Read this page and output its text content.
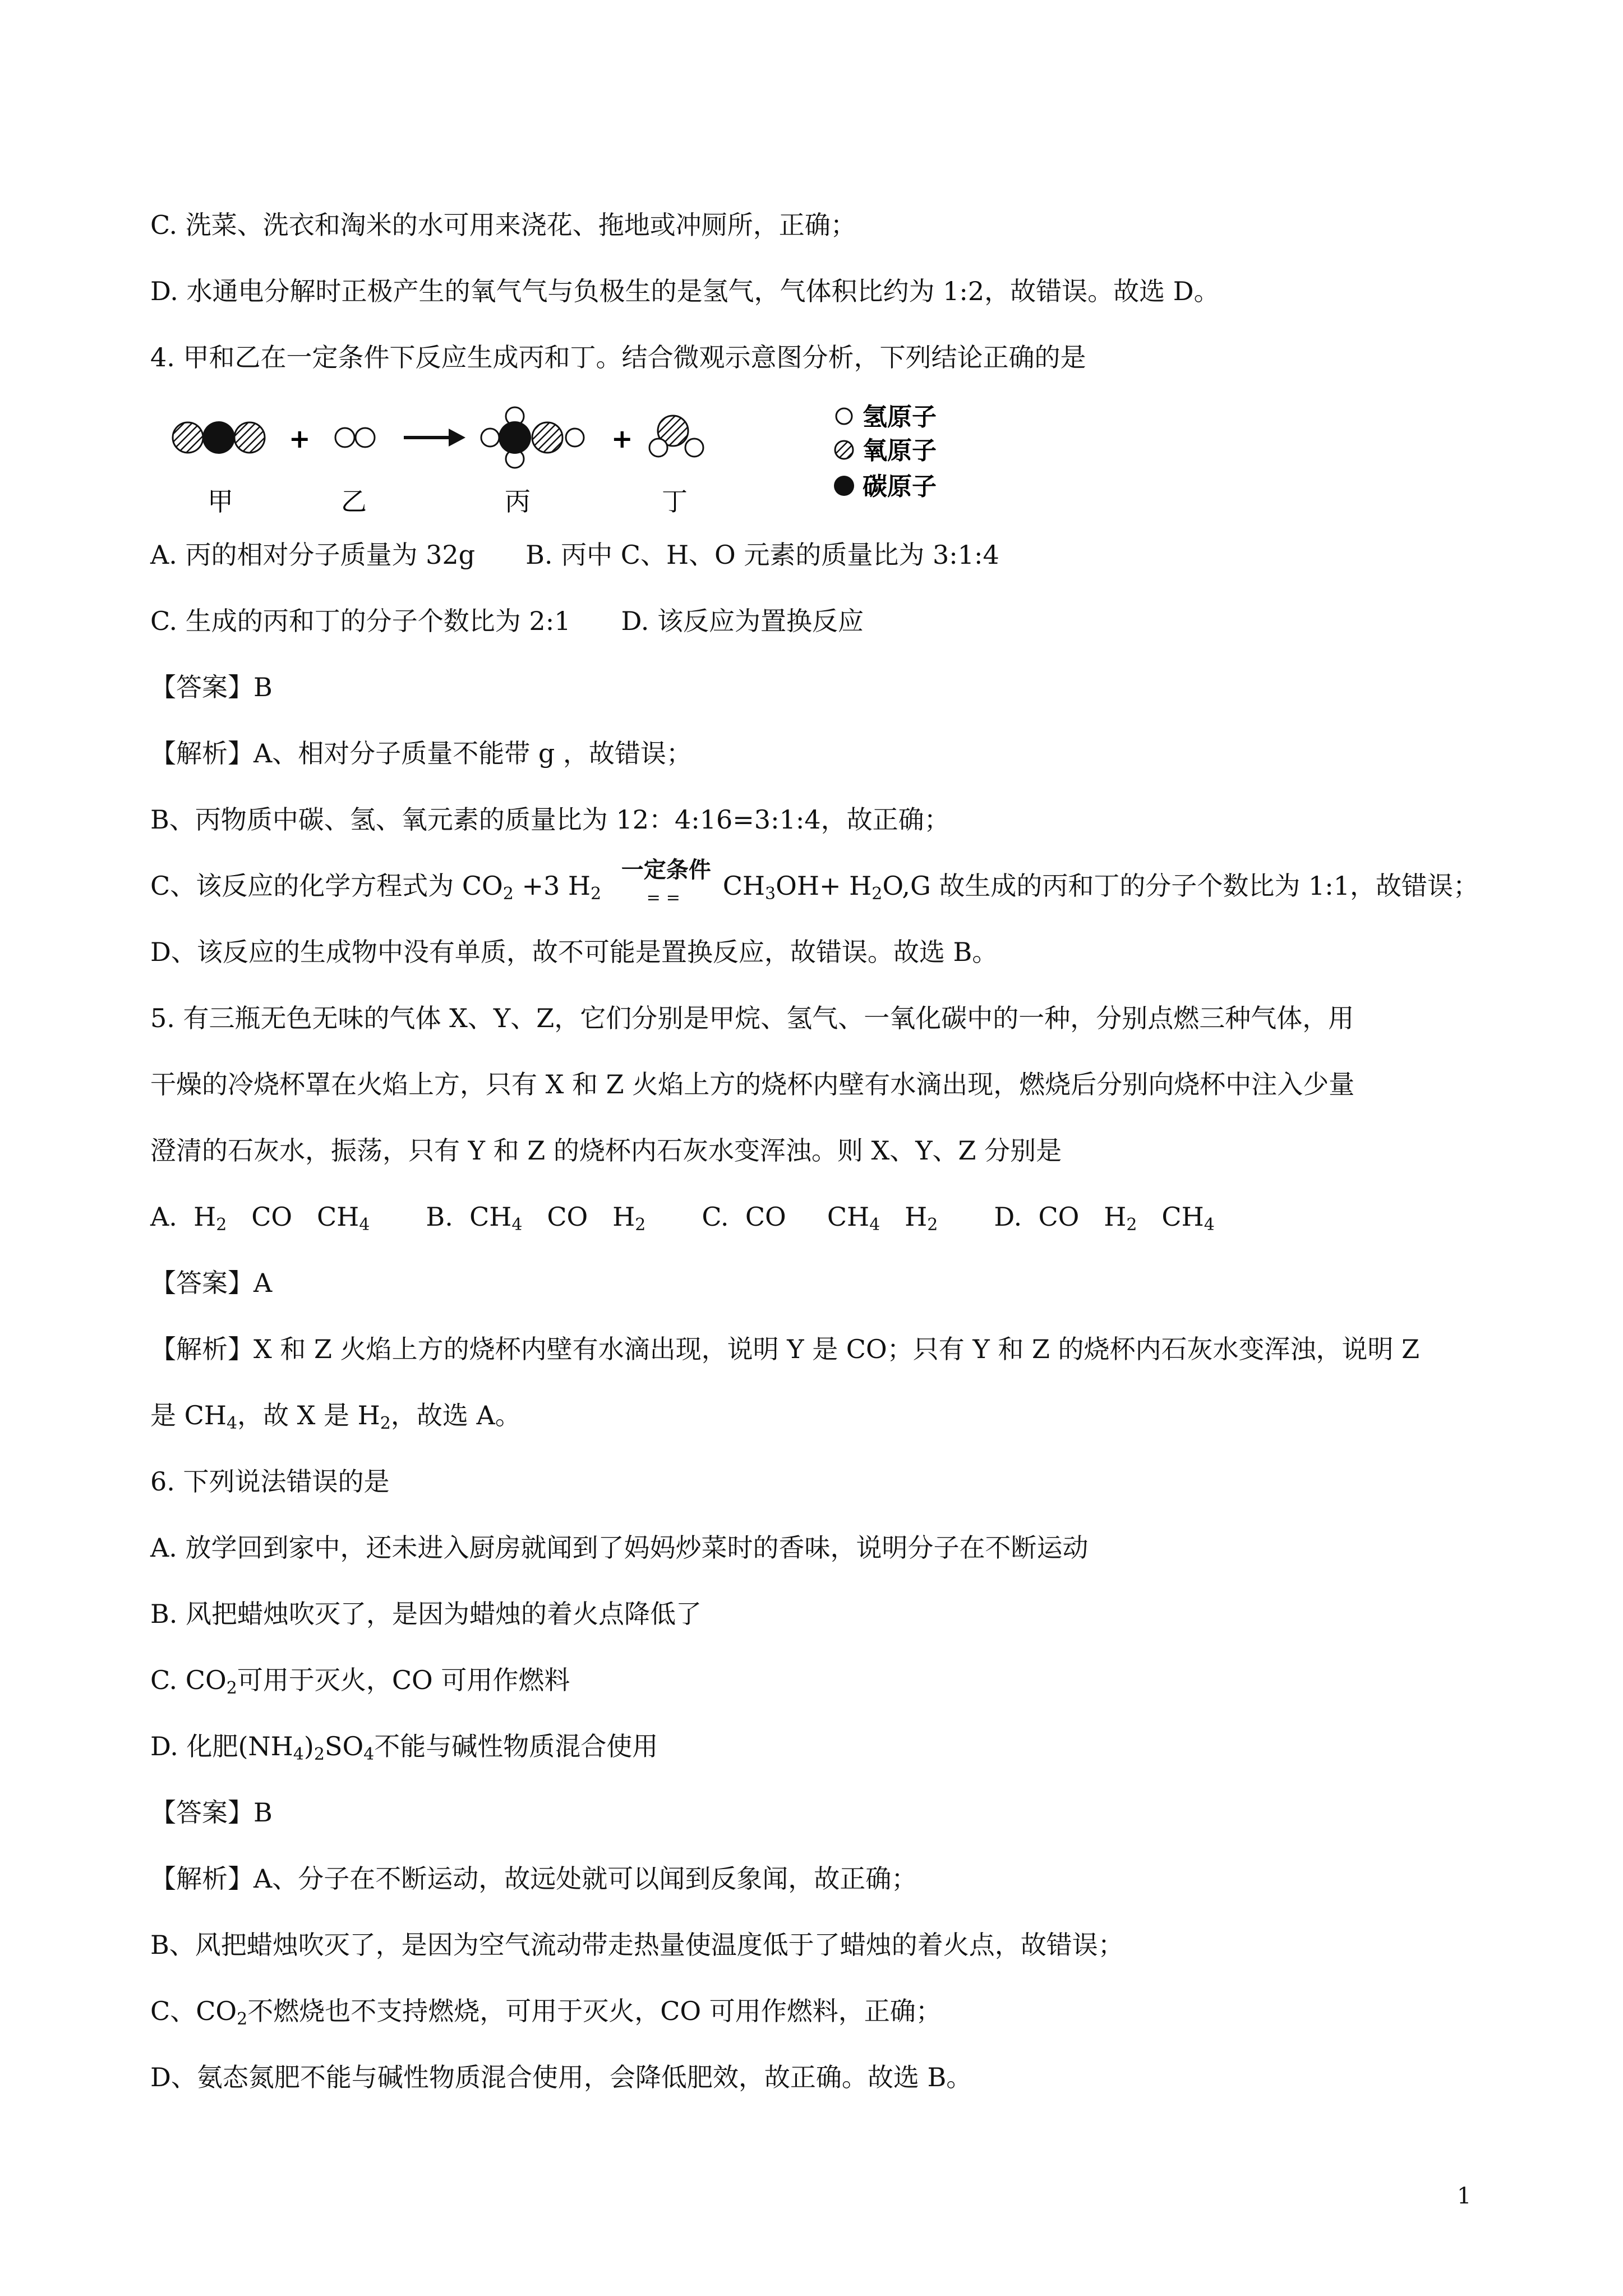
C. 洗菜、洗衣和淘米的水可用来浇花、拖地或冲厕所，正确；
D. 水通电分解时正极产生的氧气气与负极生的是氢气，气体积比约为 1:2，故错误。故选 D。
4. 甲和乙在一定条件下反应生成丙和丁。结合微观示意图分析，下列结论正确的是
+	+
甲	乙	丙	丁
氢原子
氧原子
碳原子
A. 丙的相对分子质量为 32g B. 丙中 C、H、O 元素的质量比为 3:1:4
C. 生成的丙和丁的分子个数比为 2:1 D. 该反应为置换反应
【答案】B
【解析】A、相对分子质量不能带 g ，故错误；
B、丙物质中碳、氢、氧元素的质量比为 12：4:16=3:1:4，故正确；
C、该反应的化学方程式为 $CO_2 +3$ $H_2$
一定条件
==	$CH_3OH+ H_2O,G$ 故生成的丙和丁的分子个数比为 1:1，故错误；
D、该反应的生成物中没有单质，故不可能是置换反应，故错误。故选 B。
5. 有三瓶无色无味的气体 X、Y、Z，它们分别是甲烷、氢气、一氧化碳中的一种，分别点燃三种气体，用
干燥的冷烧杯罩在火焰上方，只有 X 和 Z 火焰上方的烧杯内壁有水滴出现，燃烧后分别向烧杯中注入少量
澄清的石灰水，振荡，只有 Y 和 Z 的烧杯内石灰水变浑浊。则 X、Y、Z 分别是
A. $H_2$ CO $CH_4$ B. $CH_4$ CO $H_2$ C. CO $CH_4$ $H_2$ D. CO $H_2$ $CH_4$
【答案】A
【解析】X 和 Z 火焰上方的烧杯内壁有水滴出现，说明 Y 是 CO；只有 Y 和 Z 的烧杯内石灰水变浑浊，说明 Z
是 $CH_4$，故 X 是 $H_2$，故选 A。
6. 下列说法错误的是
A. 放学回到家中，还未进入厨房就闻到了妈妈炒菜时的香味，说明分子在不断运动
B. 风把蜡烛吹灭了，是因为蜡烛的着火点降低了
C. $CO_2$可用于灭火，CO 可用作燃料
D. 化肥$(NH_4)_2SO_4$不能与碱性物质混合使用
【答案】B
【解析】A、分子在不断运动，故远处就可以闻到反象闻，故正确；
B、风把蜡烛吹灭了，是因为空气流动带走热量使温度低于了蜡烛的着火点，故错误；
C、$CO_2$不燃烧也不支持燃烧，可用于灭火，CO 可用作燃料，正确；
D、氨态氮肥不能与碱性物质混合使用，会降低肥效，故正确。故选 B。
1
